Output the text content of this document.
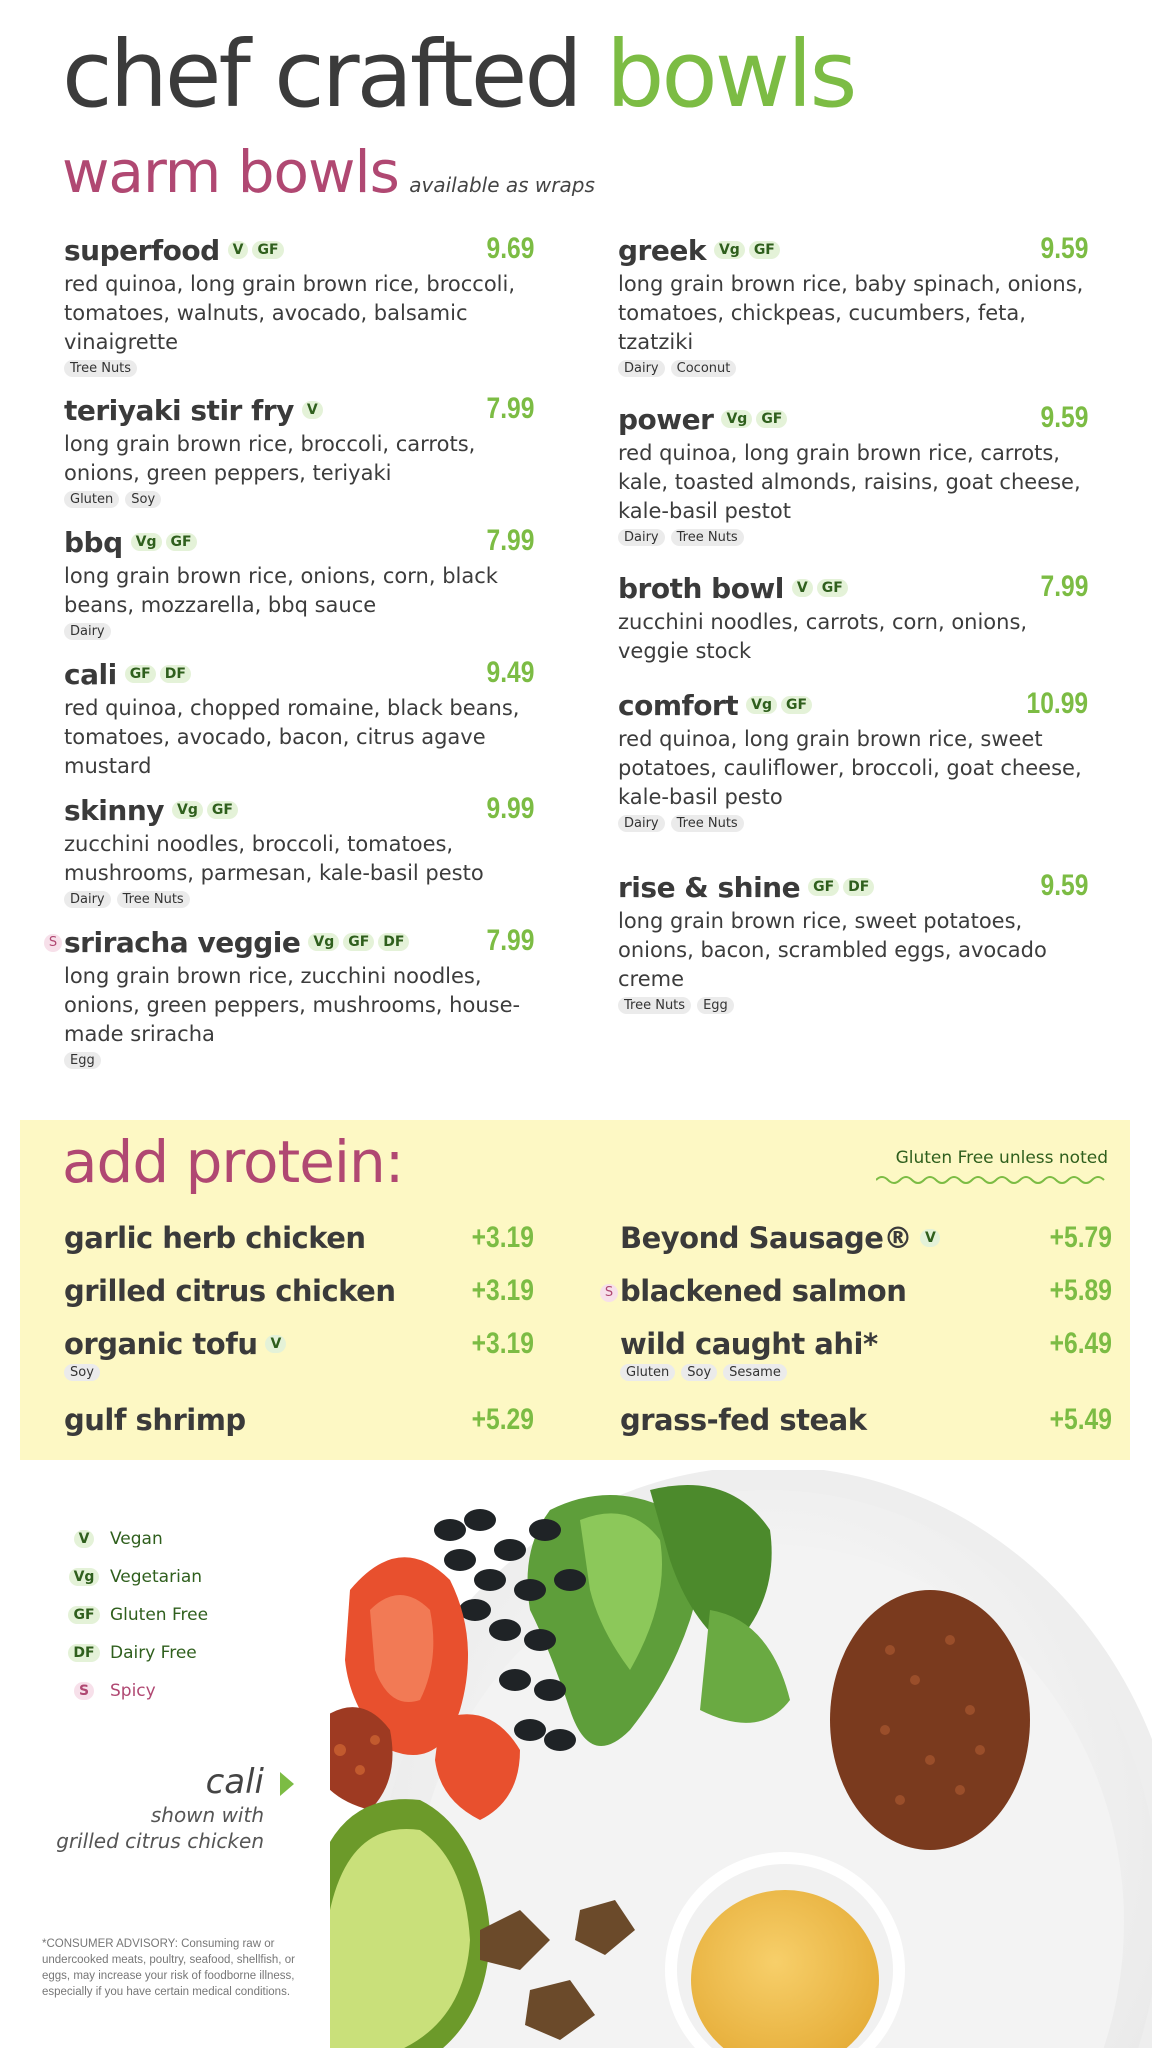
chef crafted bowls
warm bowls available as wraps
superfood V	GF	9.69
red quinoa, long grain brown rice, broccoli, tomatoes, walnuts, avocado, balsamic vinaigrette
Tree Nuts
teriyaki stir fry V	7.99
long grain brown rice, broccoli, carrots, onions, green peppers, teriyaki
Gluten	Soy
bbq Vg	GF	7.99
long grain brown rice, onions, corn, black beans, mozzarella, bbq sauce
Dairy
cali GF	DF	9.49
red quinoa, chopped romaine, black beans, tomatoes, avocado, bacon, citrus agave mustard
skinny Vg	GF	9.99
zucchini noodles, broccoli, tomatoes, mushrooms, parmesan, kale-basil pesto
Dairy	Tree Nuts
sriracha veggie Vg	GF	DF	7.99
S
long grain brown rice, zucchini noodles, onions, green peppers, mushrooms, house-made sriracha
Egg
greek Vg	GF	9.59
long grain brown rice, baby spinach, onions, tomatoes, chickpeas, cucumbers, feta, tzatziki
Dairy	Coconut
power Vg	GF	9.59
red quinoa, long grain brown rice, carrots, kale, toasted almonds, raisins, goat cheese, kale-basil pestot
Dairy	Tree Nuts
broth bowl V	GF	7.99
zucchini noodles, carrots, corn, onions, veggie stock
comfort Vg	GF	10.99
red quinoa, long grain brown rice, sweet potatoes, cauliflower, broccoli, goat cheese, kale-basil pesto
Dairy	Tree Nuts
rise & shine GF	DF	9.59
long grain brown rice, sweet potatoes, onions, bacon, scrambled eggs, avocado creme
Tree Nuts	Egg
add protein:	Gluten Free unless noted
garlic herb chicken	+3.19
grilled citrus chicken	+3.19
organic tofu V	+3.19
Soy
gulf shrimp	+5.29
Beyond Sausage® V	+5.79
blackened salmon	+5.89
S
wild caught ahi*	+6.49
Gluten	Soy	Sesame
grass-fed steak	+5.49
V Vegan
Vg Vegetarian
GF Gluten Free
DF Dairy Free
S Spicy
cali
shown with
grilled citrus chicken
*CONSUMER ADVISORY: Consuming raw or undercooked meats, poultry, seafood, shellfish, or eggs, may increase your risk of foodborne illness, especially if you have certain medical conditions.
